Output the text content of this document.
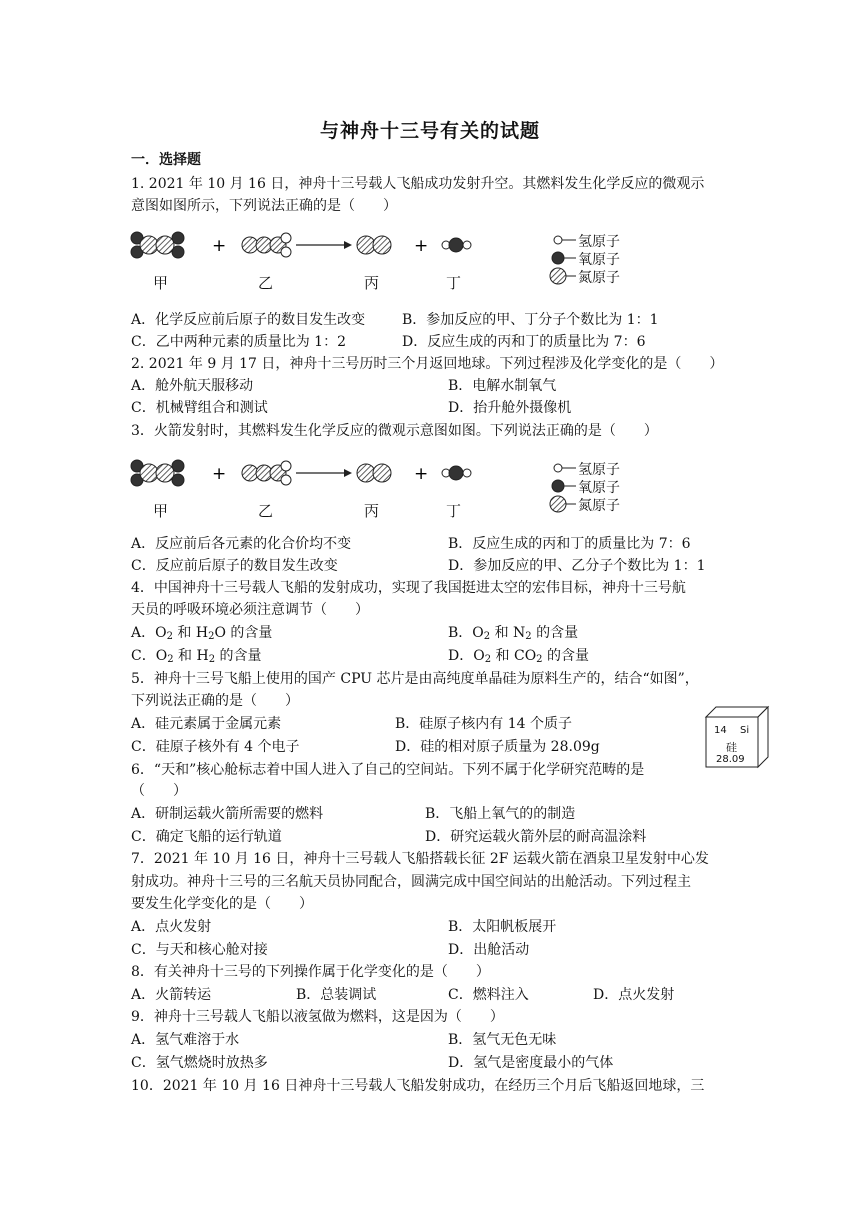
与神舟十三号有关的试题
一．选择题
1. 2021 年 10 月 16 日，神舟十三号载人飞船成功发射升空。其燃料发生化学反应的微观示
意图如图所示，下列说法正确的是（　　）
+	+
甲	乙	丙	丁
氢原子
氧原子
氮原子
A．化学反应前后原子的数目发生改变	B．参加反应的甲、丁分子个数比为 1：1
C．乙中两种元素的质量比为 1：2	D．反应生成的丙和丁的质量比为 7：6
2. 2021 年 9 月 17 日，神舟十三号历时三个月返回地球。下列过程涉及化学变化的是（　　）
A．舱外航天服移动	B．电解水制氧气
C．机械臂组合和测试	D．抬升舱外摄像机
3．火箭发射时，其燃料发生化学反应的微观示意图如图。下列说法正确的是（　　）
+	+
甲	乙	丙	丁
氢原子
氧原子
氮原子
A．反应前后各元素的化合价均不变	B．反应生成的丙和丁的质量比为 7：6
C．反应前后原子的数目发生改变	D．参加反应的甲、乙分子个数比为 1：1
4．中国神舟十三号载人飞船的发射成功，实现了我国挺进太空的宏伟目标，神舟十三号航
天员的呼吸环境必须注意调节（　　）
A．$O_2$ 和 $H_2O$ 的含量	B．$O_2$ 和 $N_2$ 的含量
C．$O_2$ 和 $H_2$ 的含量	D．$O_2$ 和 $CO_2$ 的含量
5．神舟十三号飞船上使用的国产 CPU 芯片是由高纯度单晶硅为原料生产的，结合“如图”，
下列说法正确的是（　　）
A．硅元素属于金属元素	B．硅原子核内有 14 个质子
C．硅原子核外有 4 个电子	D．硅的相对原子质量为 28.09g
14 Si
硅
28.09
6．“天和”核心舱标志着中国人进入了自己的空间站。下列不属于化学研究范畴的是
（　　）
A．研制运载火箭所需要的燃料	B．飞船上氧气的的制造
C．确定飞船的运行轨道	D．研究运载火箭外层的耐高温涂料
7．2021 年 10 月 16 日，神舟十三号载人飞船搭载长征 2F 运载火箭在酒泉卫星发射中心发
射成功。神舟十三号的三名航天员协同配合，圆满完成中国空间站的出舱活动。下列过程主
要发生化学变化的是（　　）
A．点火发射	B．太阳帆板展开
C．与天和核心舱对接	D．出舱活动
8．有关神舟十三号的下列操作属于化学变化的是（　　）
A．火箭转运	B．总装调试	C．燃料注入	D．点火发射
9．神舟十三号载人飞船以液氢做为燃料，这是因为（　　）
A．氢气难溶于水	B．氢气无色无味
C．氢气燃烧时放热多	D．氢气是密度最小的气体
10．2021 年 10 月 16 日神舟十三号载人飞船发射成功，在经历三个月后飞船返回地球，三
